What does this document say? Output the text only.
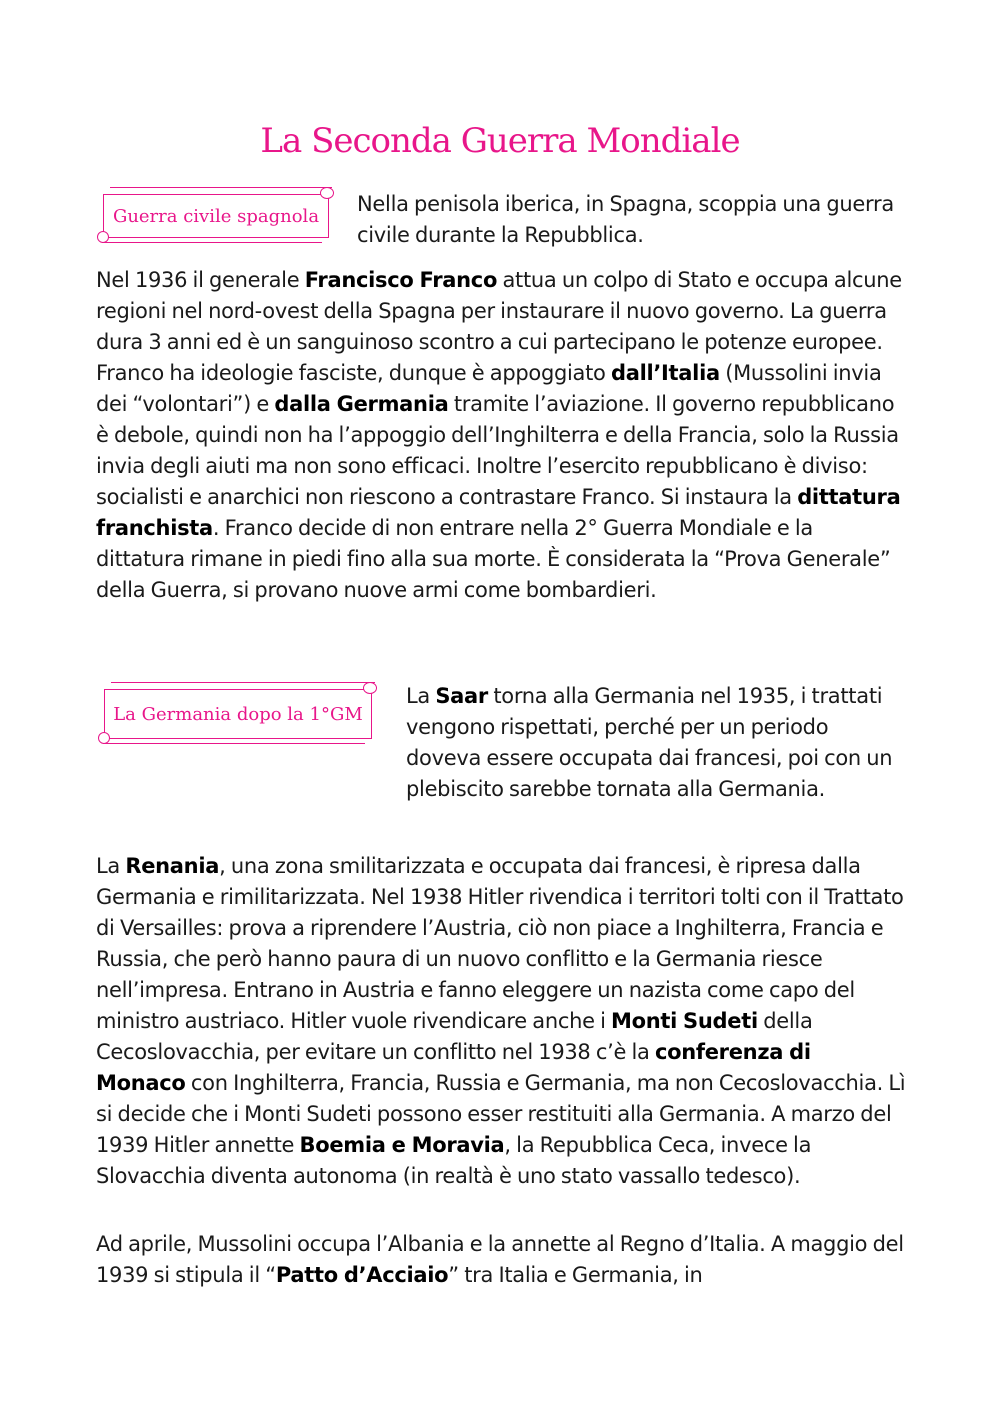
La Seconda Guerra Mondiale
Guerra civile spagnola Nella penisola iberica, in Spagna, scoppia una guerra civile durante la Repubblica.

Nel 1936 il generale Francisco Franco attua un colpo di Stato e occupa alcune regioni nel nord-ovest della Spagna per instaurare il nuovo governo. La guerra dura 3 anni ed è un sanguinoso scontro a cui partecipano le potenze europee. Franco ha ideologie fasciste, dunque è appoggiato dall’Italia (Mussolini invia dei “volontari”) e dalla Germania tramite l’aviazione. Il governo repubblicano è debole, quindi non ha l’appoggio dell’Inghilterra e della Francia, solo la Russia invia degli aiuti ma non sono efficaci. Inoltre l’esercito repubblicano è diviso: socialisti e anarchici non riescono a contrastare Franco. Si instaura la dittatura franchista. Franco decide di non entrare nella 2° Guerra Mondiale e la dittatura rimane in piedi fino alla sua morte. È considerata la “Prova Generale” della Guerra, si provano nuove armi come bombardieri.

La Germania dopo la 1°GM

La Saar torna alla Germania nel 1935, i trattati vengono rispettati, perché per un periodo doveva essere occupata dai francesi, poi con un plebiscito sarebbe tornata alla Germania.

La Renania, una zona smilitarizzata e occupata dai francesi, è ripresa dalla Germania e rimilitarizzata. Nel 1938 Hitler rivendica i territori tolti con il Trattato di Versailles: prova a riprendere l’Austria, ciò non piace a Inghilterra, Francia e Russia, che però hanno paura di un nuovo conflitto e la Germania riesce nell’impresa. Entrano in Austria e fanno eleggere un nazista come capo del ministro austriaco. Hitler vuole rivendicare anche i Monti Sudeti della Cecoslovacchia, per evitare un conflitto nel 1938 c’è la conferenza di Monaco con Inghilterra, Francia, Russia e Germania, ma non Cecoslovacchia. Lì si decide che i Monti Sudeti possono esser restituiti alla Germania. A marzo del 1939 Hitler annette Boemia e Moravia, la Repubblica Ceca, invece la Slovacchia diventa autonoma (in realtà è uno stato vassallo tedesco).

Ad aprile, Mussolini occupa l’Albania e la annette al Regno d’Italia. A maggio del 1939 si stipula il “Patto d’Acciaio” tra Italia e Germania, in
